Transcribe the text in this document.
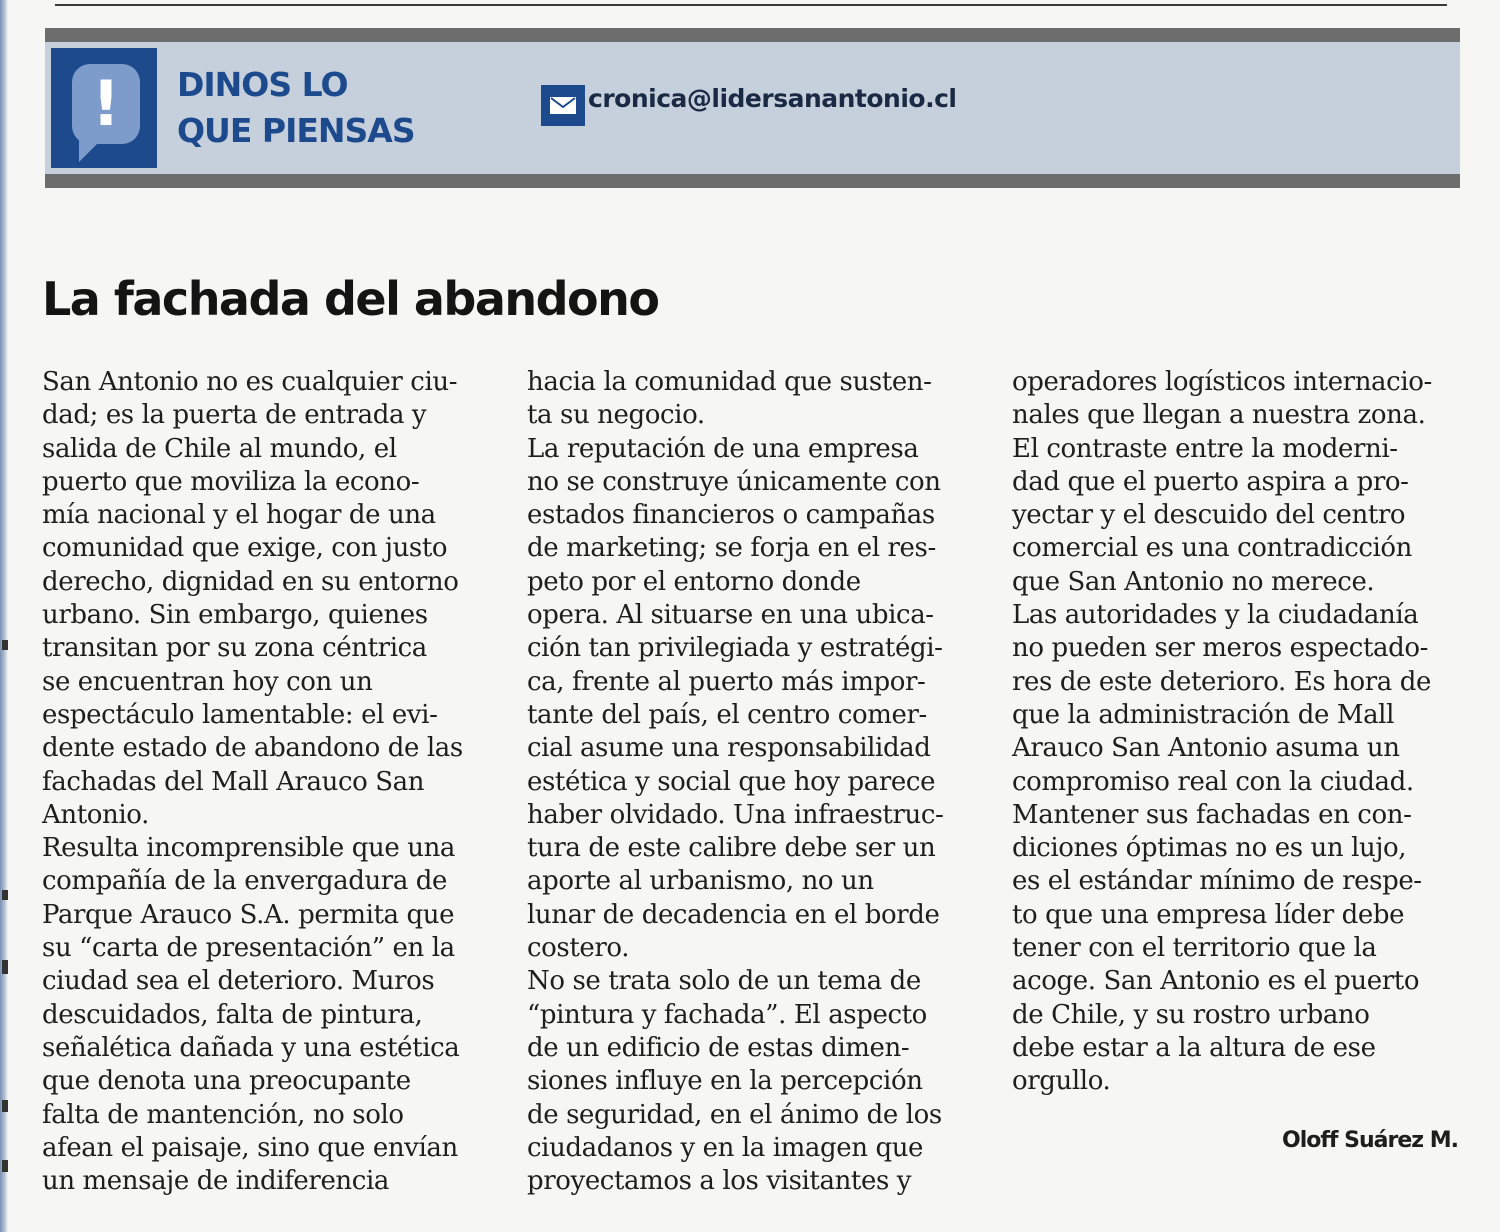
!	DINOS LO
QUE PIENSAS
cronica@lidersanantonio.cl
La fachada del abandono
San Antonio no es cualquier ciu-
dad; es la puerta de entrada y
salida de Chile al mundo, el
puerto que moviliza la econo-
mía nacional y el hogar de una
comunidad que exige, con justo
derecho, dignidad en su entorno
urbano. Sin embargo, quienes
transitan por su zona céntrica
se encuentran hoy con un
espectáculo lamentable: el evi-
dente estado de abandono de las
fachadas del Mall Arauco San
Antonio.
Resulta incomprensible que una
compañía de la envergadura de
Parque Arauco S.A. permita que
su “carta de presentación” en la
ciudad sea el deterioro. Muros
descuidados, falta de pintura,
señalética dañada y una estética
que denota una preocupante
falta de mantención, no solo
afean el paisaje, sino que envían
un mensaje de indiferencia
hacia la comunidad que susten-
ta su negocio.
La reputación de una empresa
no se construye únicamente con
estados financieros o campañas
de marketing; se forja en el res-
peto por el entorno donde
opera. Al situarse en una ubica-
ción tan privilegiada y estratégi-
ca, frente al puerto más impor-
tante del país, el centro comer-
cial asume una responsabilidad
estética y social que hoy parece
haber olvidado. Una infraestruc-
tura de este calibre debe ser un
aporte al urbanismo, no un
lunar de decadencia en el borde
costero.
No se trata solo de un tema de
“pintura y fachada”. El aspecto
de un edificio de estas dimen-
siones influye en la percepción
de seguridad, en el ánimo de los
ciudadanos y en la imagen que
proyectamos a los visitantes y
operadores logísticos internacio-
nales que llegan a nuestra zona.
El contraste entre la moderni-
dad que el puerto aspira a pro-
yectar y el descuido del centro
comercial es una contradicción
que San Antonio no merece.
Las autoridades y la ciudadanía
no pueden ser meros espectado-
res de este deterioro. Es hora de
que la administración de Mall
Arauco San Antonio asuma un
compromiso real con la ciudad.
Mantener sus fachadas en con-
diciones óptimas no es un lujo,
es el estándar mínimo de respe-
to que una empresa líder debe
tener con el territorio que la
acoge. San Antonio es el puerto
de Chile, y su rostro urbano
debe estar a la altura de ese
orgullo.
Oloff Suárez M.
